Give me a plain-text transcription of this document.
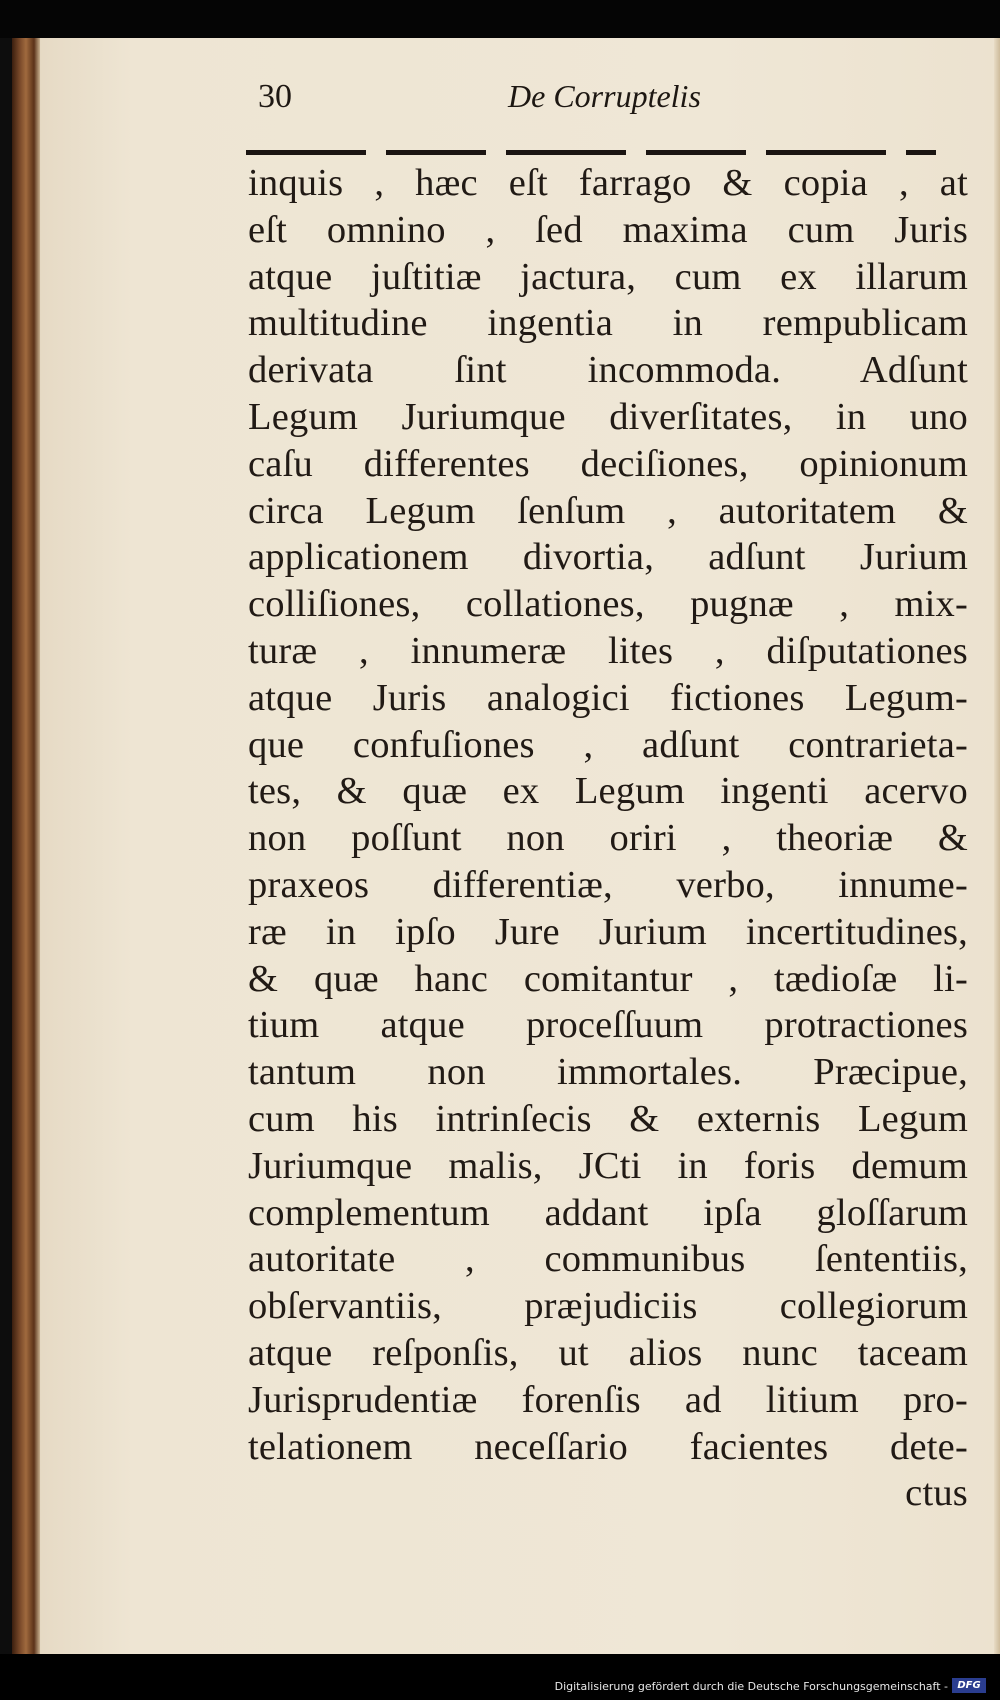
30	De Corruptelis
inquis , hæc eſt farrago & copia , at
eſt omnino , ſed maxima cum Juris
atque juſtitiæ jactura, cum ex illarum
multitudine ingentia in rempublicam
derivata ſint incommoda. Adſunt
Legum Juriumque diverſitates, in uno
caſu differentes deciſiones, opinionum
circa Legum ſenſum , autoritatem &
applicationem divortia, adſunt Jurium
colliſiones, collationes, pugnæ , mix-
turæ , innumeræ lites , diſputationes
atque Juris analogici fictiones Legum-
que confuſiones , adſunt contrarieta-
tes, & quæ ex Legum ingenti acervo
non poſſunt non oriri , theoriæ &
praxeos differentiæ, verbo, innume-
ræ in ipſo Jure Jurium incertitudines,
& quæ hanc comitantur , tædioſæ li-
tium atque proceſſuum protractiones
tantum non immortales. Præcipue,
cum his intrinſecis & externis Legum
Juriumque malis, JCti in foris demum
complementum addant ipſa gloſſarum
autoritate , communibus ſententiis,
obſervantiis, præjudiciis collegiorum
atque reſponſis, ut alios nunc taceam
Jurisprudentiæ forenſis ad litium pro-
telationem neceſſario facientes dete-
ctus
Digitalisierung gefördert durch die Deutsche Forschungsgemeinschaft - DFG
